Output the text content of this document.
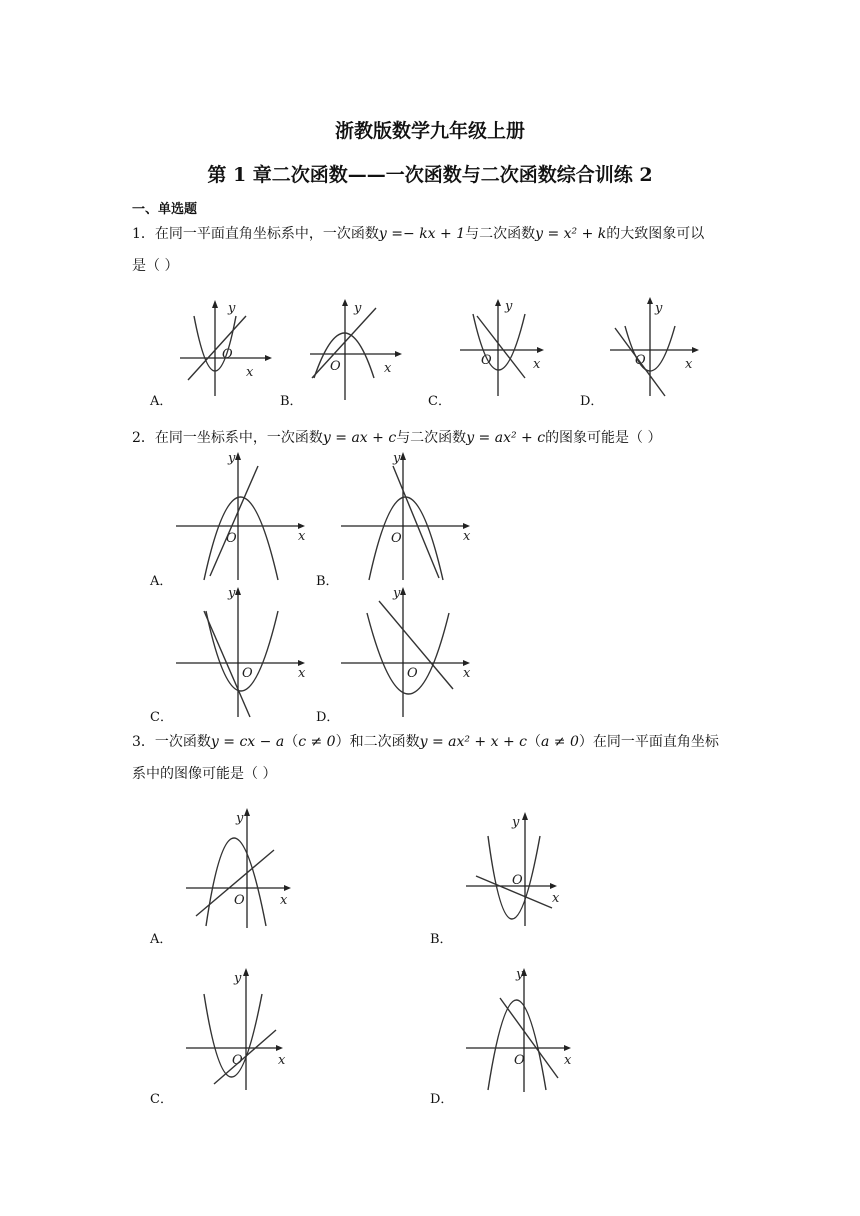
浙教版数学九年级上册
第 1 章二次函数——一次函数与二次函数综合训练 2
一、单选题
1．在同一平面直角坐标系中，一次函数y =− kx + 1与二次函数y = x² + k的大致图象可以
是（ ）
y
O
x
y
O	x
y
O	x
y
O	x
A．	B．	C．	D．
2．在同一坐标系中，一次函数y = ax + c与二次函数y = ax² + c的图象可能是（ ）
y
O	x
y
O	x
y
O	x
y
O	x
A．	B．
C．	D．
3．一次函数y = cx − a（c ≠ 0）和二次函数y = ax² + x + c（a ≠ 0）在同一平面直角坐标
系中的图像可能是（ ）
y
O	x
y
O
x
y
O	x
y
O	x
A．	B．
C．	D．
